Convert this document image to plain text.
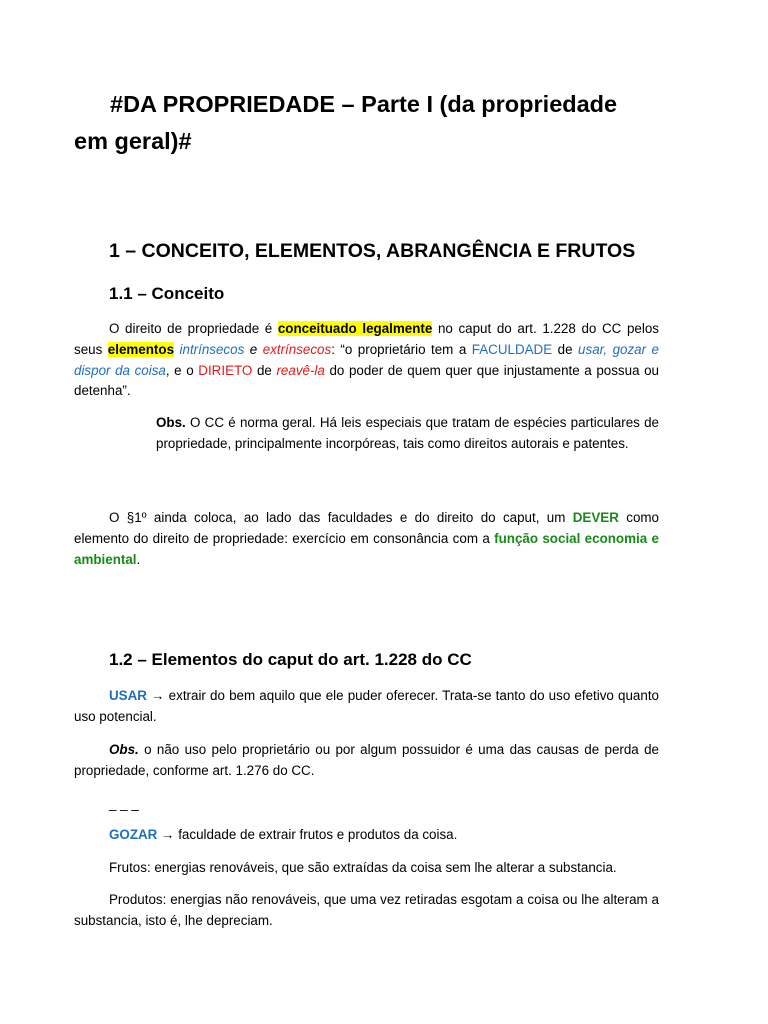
#DA PROPRIEDADE – Parte I (da propriedade
em geral)#
1 – CONCEITO, ELEMENTOS, ABRANGÊNCIA E FRUTOS
1.1 – Conceito
O direito de propriedade é conceituado legalmente no caput do art. 1.228 do CC pelos seus elementos intrínsecos e extrínsecos: “o proprietário tem a FACULDADE de usar, gozar e dispor da coisa, e o DIRIETO de reavê-la do poder de quem quer que injustamente a possua ou detenha”.
Obs. O CC é norma geral. Há leis especiais que tratam de espécies particulares de propriedade, principalmente incorpóreas, tais como direitos autorais e patentes.
O §1º ainda coloca, ao lado das faculdades e do direito do caput, um DEVER como elemento do direito de propriedade: exercício em consonância com a função social economia e ambiental.
1.2 – Elementos do caput do art. 1.228 do CC
USAR → extrair do bem aquilo que ele puder oferecer. Trata-se tanto do uso efetivo quanto uso potencial.
Obs. o não uso pelo proprietário ou por algum possuidor é uma das causas de perda de propriedade, conforme art. 1.276 do CC.
_ _ _
GOZAR → faculdade de extrair frutos e produtos da coisa.
Frutos: energias renováveis, que são extraídas da coisa sem lhe alterar a substancia.
Produtos: energias não renováveis, que uma vez retiradas esgotam a coisa ou lhe alteram a substancia, isto é, lhe depreciam.
